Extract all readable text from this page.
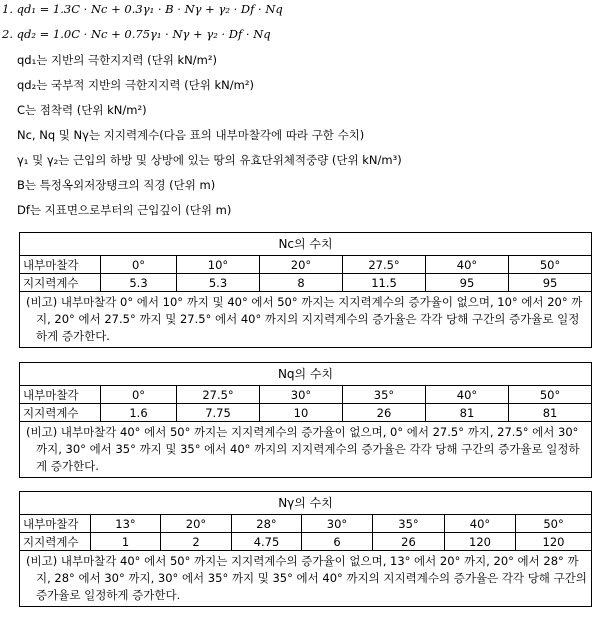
1. qd₁ = 1.3C · Nc + 0.3γ₁ · B · Nγ + γ₂ · Df · Nq
2. qd₂ = 1.0C · Nc + 0.75γ₁ · Nγ + γ₂ · Df · Nq
qd₁는 지반의 극한지지력 (단위 kN/m²)
qd₂는 국부적 지반의 극한지지력 (단위 kN/m²)
C는 점착력 (단위 kN/m²)
Nc, Nq 및 Nγ는 지지력계수(다음 표의 내부마찰각에 따라 구한 수치)
γ₁ 및 γ₂는 근입의 하방 및 상방에 있는 땅의 유효단위체적중량 (단위 kN/m³)
B는 특정옥외저장탱크의 직경 (단위 m)
Df는 지표면으로부터의 근입깊이 (단위 m)
Nc의 수치						
내부마찰각	0°	10°	20°	27.5°	40°	50°
지지력계수	5.3	5.3	8	11.5	95	95

(비고) 내부마찰각 0° 에서 10° 까지 및 40° 에서 50° 까지는 지지력계수의 증가율이 없으며, 10° 에서 20° 까지, 20° 에서 27.5° 까지 및 27.5° 에서 40° 까지의 지지력계수의 증가율은 각각 당해 구간의 증가율로 일정하게 증가한다.						
Nq의 수치						
내부마찰각	0°	27.5°	30°	35°	40°	50°
지지력계수	1.6	7.75	10	26	81	81

(비고) 내부마찰각 40° 에서 50° 까지는 지지력계수의 증가율이 없으며, 0° 에서 27.5° 까지, 27.5° 에서 30° 까지, 30° 에서 35° 까지 및 35° 에서 40° 까지의 지지력계수의 증가율은 각각 당해 구간의 증가율로 일정하게 증가한다.						
Nγ의 수치							
내부마찰각	13°	20°	28°	30°	35°	40°	50°
지지력계수	1	2	4.75	6	26	120	120

(비고) 내부마찰각 40° 에서 50° 까지는 지지력계수의 증가율이 없으며, 13° 에서 20° 까지, 20° 에서 28° 까지, 28° 에서 30° 까지, 30° 에서 35° 까지 및 35° 에서 40° 까지의 지지력계수의 증가율은 각각 당해 구간의 증가율로 일정하게 증가한다.							
